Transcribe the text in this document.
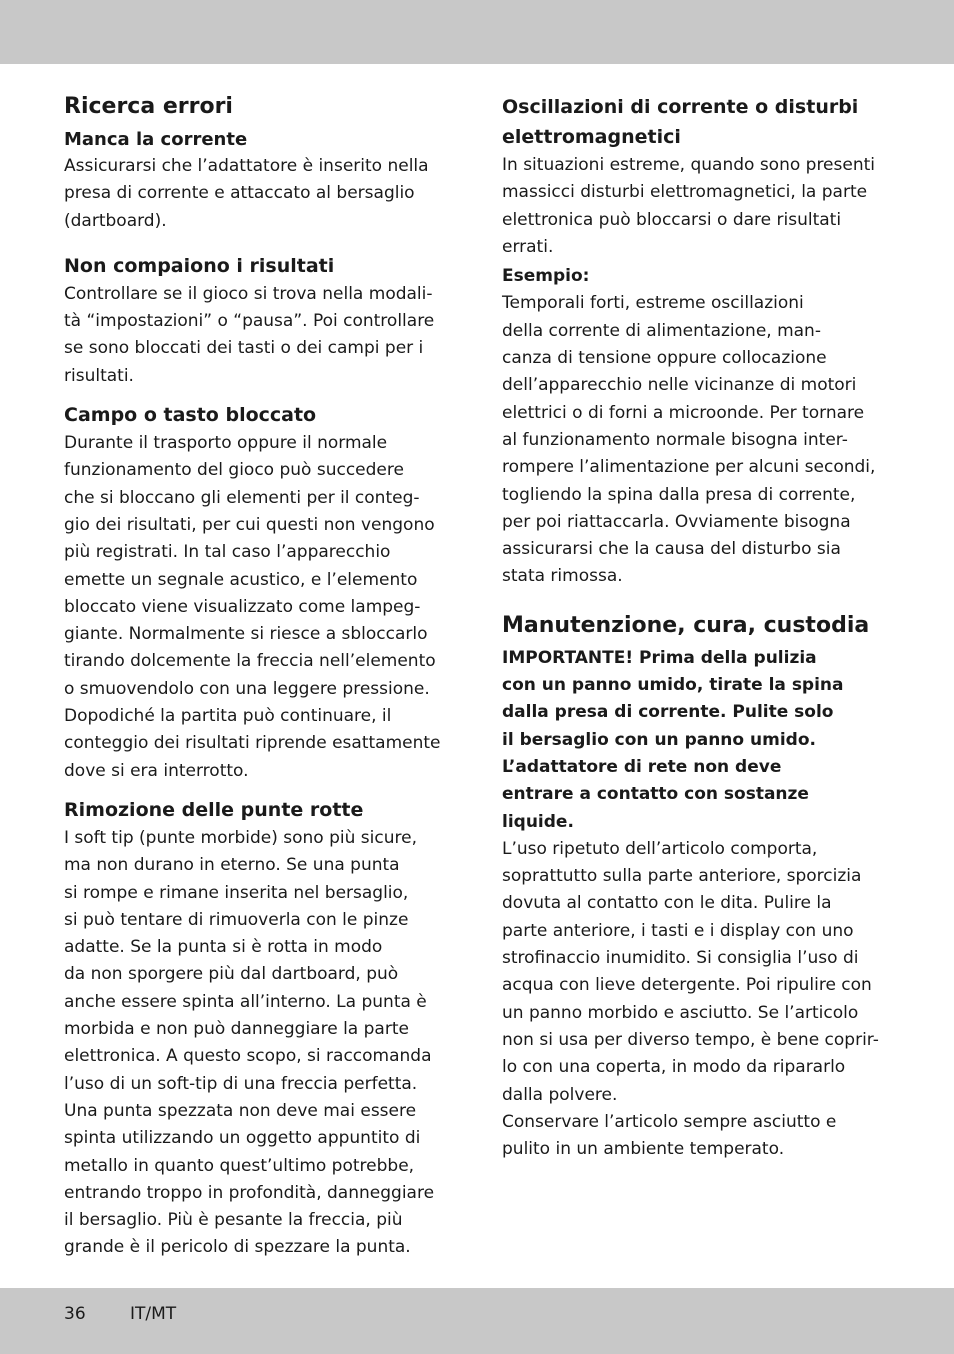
Ricerca errori
Manca la corrente
Assicurarsi che l’adattatore è inserito nella
presa di corrente e attaccato al bersaglio
(dartboard).
Non compaiono i risultati
Controllare se il gioco si trova nella modali-
tà “impostazioni” o “pausa”. Poi controllare
se sono bloccati dei tasti o dei campi per i
risultati.
Campo o tasto bloccato
Durante il trasporto oppure il normale
funzionamento del gioco può succedere
che si bloccano gli elementi per il conteg-
gio dei risultati, per cui questi non vengono
più registrati. In tal caso l’apparecchio
emette un segnale acustico, e l’elemento
bloccato viene visualizzato come lampeg-
giante. Normalmente si riesce a sbloccarlo
tirando dolcemente la freccia nell’elemento
o smuovendolo con una leggere pressione.
Dopodiché la partita può continuare, il
conteggio dei risultati riprende esattamente
dove si era interrotto.
Rimozione delle punte rotte
I soft tip (punte morbide) sono più sicure,
ma non durano in eterno. Se una punta
si rompe e rimane inserita nel bersaglio,
si può tentare di rimuoverla con le pinze
adatte. Se la punta si è rotta in modo
da non sporgere più dal dartboard, può
anche essere spinta all’interno. La punta è
morbida e non può danneggiare la parte
elettronica. A questo scopo, si raccomanda
l’uso di un soft-tip di una freccia perfetta.
Una punta spezzata non deve mai essere
spinta utilizzando un oggetto appuntito di
metallo in quanto quest’ultimo potrebbe,
entrando troppo in profondità, danneggiare
il bersaglio. Più è pesante la freccia, più
grande è il pericolo di spezzare la punta.
Oscillazioni di corrente o disturbi
elettromagnetici
In situazioni estreme, quando sono presenti
massicci disturbi elettromagnetici, la parte
elettronica può bloccarsi o dare risultati
errati.
Esempio:
Temporali forti, estreme oscillazioni
della corrente di alimentazione, man-
canza di tensione oppure collocazione
dell’apparecchio nelle vicinanze di motori
elettrici o di forni a microonde. Per tornare
al funzionamento normale bisogna inter-
rompere l’alimentazione per alcuni secondi,
togliendo la spina dalla presa di corrente,
per poi riattaccarla. Ovviamente bisogna
assicurarsi che la causa del disturbo sia
stata rimossa.
Manutenzione, cura, custodia
IMPORTANTE! Prima della pulizia
con un panno umido, tirate la spina
dalla presa di corrente. Pulite solo
il bersaglio con un panno umido.
L’adattatore di rete non deve
entrare a contatto con sostanze
liquide.
L’uso ripetuto dell’articolo comporta,
soprattutto sulla parte anteriore, sporcizia
dovuta al contatto con le dita. Pulire la
parte anteriore, i tasti e i display con uno
strofinaccio inumidito. Si consiglia l’uso di
acqua con lieve detergente. Poi ripulire con
un panno morbido e asciutto. Se l’articolo
non si usa per diverso tempo, è bene coprir-
lo con una coperta, in modo da ripararlo
dalla polvere.
Conservare l’articolo sempre asciutto e
pulito in un ambiente temperato.
36	IT/MT
